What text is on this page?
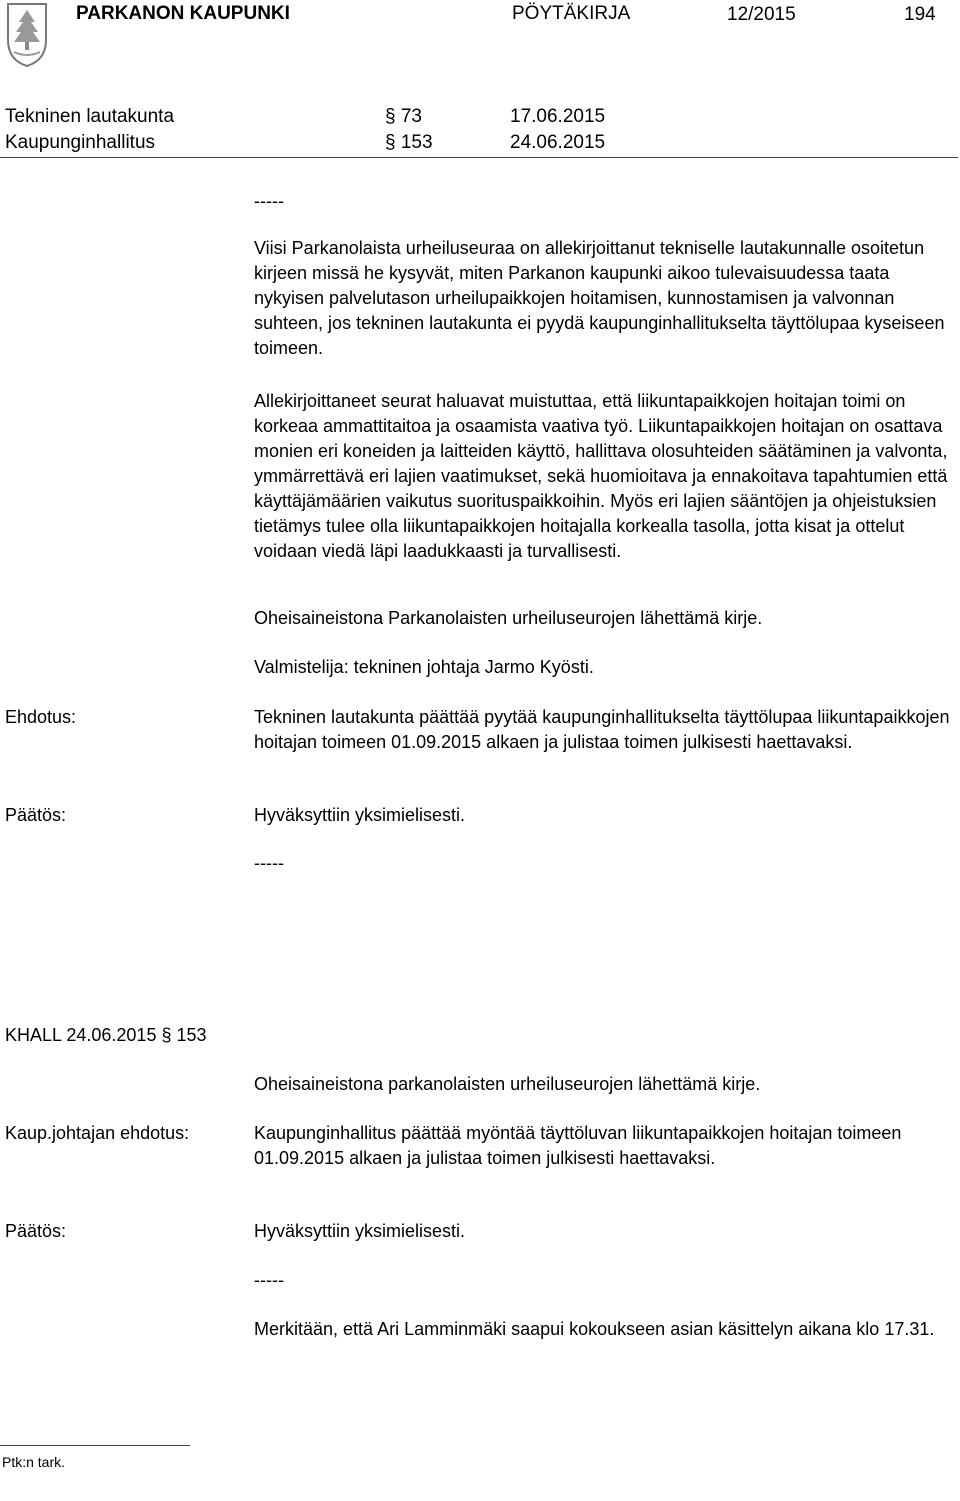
PARKANON KAUPUNKI	PÖYTÄKIRJA	12/2015	194
Tekninen lautakunta	§ 73	17.06.2015
Kaupunginhallitus	§ 153	24.06.2015
-----
Viisi Parkanolaista urheiluseuraa on allekirjoittanut tekniselle lautakunnalle osoitetun kirjeen missä he kysyvät, miten Parkanon kaupunki aikoo tulevaisuudessa taata nykyisen palvelutason urheilupaikkojen hoitamisen, kunnostamisen ja valvonnan suhteen, jos tekninen lautakunta ei pyydä kaupunginhallitukselta täyttölupaa kyseiseen toimeen.
Allekirjoittaneet seurat haluavat muistuttaa, että liikuntapaikkojen hoitajan toimi on korkeaa ammattitaitoa ja osaamista vaativa työ. Liikuntapaikkojen hoitajan on osattava monien eri koneiden ja laitteiden käyttö, hallittava olosuhteiden säätäminen ja valvonta, ymmärrettävä eri lajien vaatimukset, sekä huomioitava ja ennakoitava tapahtumien että käyttäjämäärien vaikutus suorituspaikkoihin. Myös eri lajien sääntöjen ja ohjeistuksien tietämys tulee olla liikuntapaikkojen hoitajalla korkealla tasolla, jotta kisat ja ottelut voidaan viedä läpi laadukkaasti ja turvallisesti.
Oheisaineistona Parkanolaisten urheiluseurojen lähettämä kirje.
Valmistelija: tekninen johtaja Jarmo Kyösti.
Ehdotus:	Tekninen lautakunta päättää pyytää kaupunginhallitukselta täyttölupaa liikuntapaikkojen hoitajan toimeen 01.09.2015 alkaen ja julistaa toimen julkisesti haettavaksi.
Päätös:	Hyväksyttiin yksimielisesti.
-----
KHALL 24.06.2015 § 153
Oheisaineistona parkanolaisten urheiluseurojen lähettämä kirje.
Kaup.johtajan ehdotus:	Kaupunginhallitus päättää myöntää täyttöluvan liikuntapaikkojen hoitajan toimeen 01.09.2015 alkaen ja julistaa toimen julkisesti haettavaksi.
Päätös:	Hyväksyttiin yksimielisesti.
-----
Merkitään, että Ari Lamminmäki saapui kokoukseen asian käsittelyn aikana klo 17.31.
Ptk:n tark.
